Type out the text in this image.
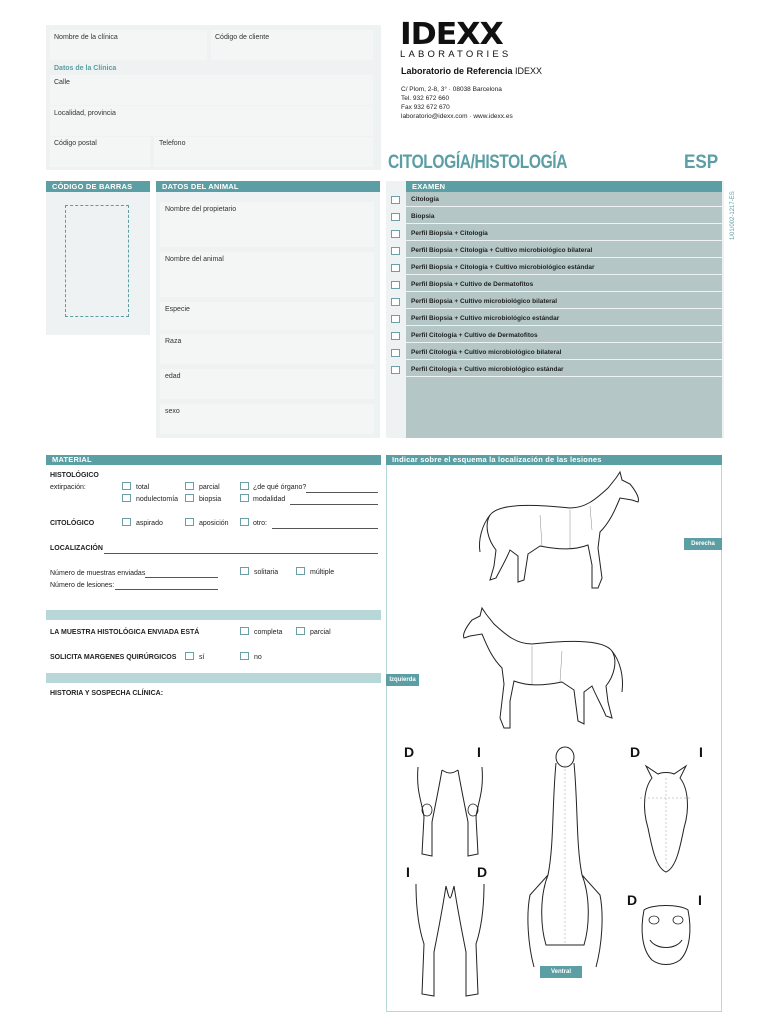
Nombre de la clínica	Código de cliente
Datos de la Clínica
Calle
Localidad, provincia
Código postal	Telefono
IDEXX
LABORATORIES
Laboratorio de Referencia IDEXX
C/ Plom, 2-8, 3° · 08038 Barcelona
Tel. 932 672 660
Fax 932 672 670
laboratorio@idexx.com · www.idexx.es
CITOLOGÍA/HISTOLOGÍA	ESP
1/01/002-1217-ES
CÓDIGO DE BARRAS	DATOS DEL ANIMAL
Nombre del propietario
Nombre del animal
Especie
Raza
edad
sexo
EXAMEN
Citología
Biopsia
Perfil Biopsia + Citología
Perfil Biopsia + Citología + Cultivo microbiológico bilateral
Perfil Biopsia + Citología + Cultivo microbiológico estándar
Perfil Biopsia + Cultivo de Dermatofitos
Perfil Biopsia + Cultivo microbiológico bilateral
Perfil Biopsia + Cultivo microbiológico estándar
Perfil Citología + Cultivo de Dermatofitos
Perfil Citología + Cultivo microbiológico bilateral
Perfil Citología + Cultivo microbiológico estándar
MATERIAL
HISTOLÓGICO
extirpación:	total	parcial	¿de qué órgano?
nodulectomía	biopsia	modalidad
CITOLÓGICO	aspirado	aposición	otro:
LOCALIZACIÓN
Número de muestras enviadas	solitaria	múltiple
Número de lesiones:
LA MUESTRA HISTOLÓGICA ENVIADA ESTÁ	completa	parcial
SOLICITA MARGENES QUIRÚRGICOS	sí	no
HISTORIA Y SOSPECHA CLÍNICA:
Indicar sobre el esquema la localización de las lesiones
Derecha
Izquierda
Ventral
D	I
I	D
D	I
D	I
